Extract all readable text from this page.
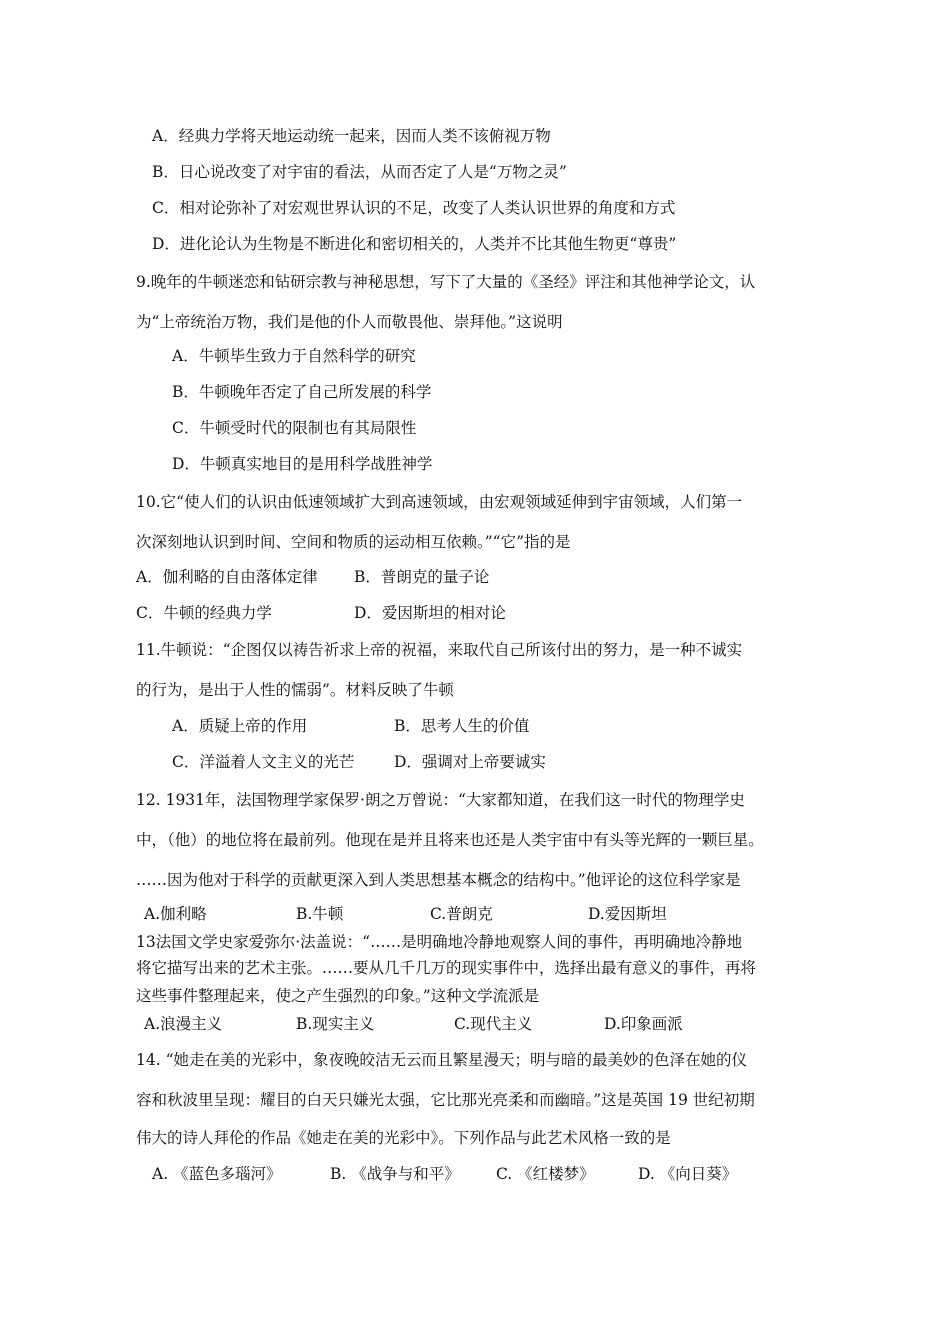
A．经典力学将天地运动统一起来，因而人类不该俯视万物
B．日心说改变了对宇宙的看法，从而否定了人是“万物之灵”
C．相对论弥补了对宏观世界认识的不足，改变了人类认识世界的角度和方式
D．进化论认为生物是不断进化和密切相关的，人类并不比其他生物更“尊贵”
9.晚年的牛顿迷恋和钻研宗教与神秘思想，写下了大量的《圣经》评注和其他神学论文，认
为“上帝统治万物，我们是他的仆人而敬畏他、崇拜他。”这说明
A．牛顿毕生致力于自然科学的研究
B．牛顿晚年否定了自己所发展的科学
C．牛顿受时代的限制也有其局限性
D．牛顿真实地目的是用科学战胜神学
10.它“使人们的认识由低速领域扩大到高速领域，由宏观领域延伸到宇宙领域，人们第一
次深刻地认识到时间、空间和物质的运动相互依赖。”“它”指的是
A．伽利略的自由落体定律 B．普朗克的量子论
C．牛顿的经典力学	D．爱因斯坦的相对论
11.牛顿说：“企图仅以祷告祈求上帝的祝福，来取代自己所该付出的努力，是一种不诚实
的行为，是出于人性的懦弱”。材料反映了牛顿
A．质疑上帝的作用	B．思考人生的价值
C．洋溢着人文主义的光芒	D．强调对上帝要诚实
12. 1931年，法国物理学家保罗·朗之万曾说：“大家都知道，在我们这一时代的物理学史
中，（他）的地位将在最前列。他现在是并且将来也还是人类宇宙中有头等光辉的一颗巨星。
……因为他对于科学的贡献更深入到人类思想基本概念的结构中。”他评论的这位科学家是
A.伽利略	B.牛顿	C.普朗克	D.爱因斯坦
13法国文学史家爱弥尔·法盖说：“……是明确地冷静地观察人间的事件，再明确地冷静地
将它描写出来的艺术主张。……要从几千几万的现实事件中，选择出最有意义的事件，再将
这些事件整理起来，使之产生强烈的印象。”这种文学流派是
A.浪漫主义	B.现实主义	C.现代主义	D.印象画派
14. “她走在美的光彩中，象夜晚皎洁无云而且繁星漫天；明与暗的最美妙的色泽在她的仪
容和秋波里呈现：耀目的白天只嫌光太强，它比那光亮柔和而幽暗。”这是英国 19 世纪初期
伟大的诗人拜伦的作品《她走在美的光彩中》。下列作品与此艺术风格一致的是
A. 《蓝色多瑙河》	B. 《战争与和平》 C. 《红楼梦》	D. 《向日葵》
